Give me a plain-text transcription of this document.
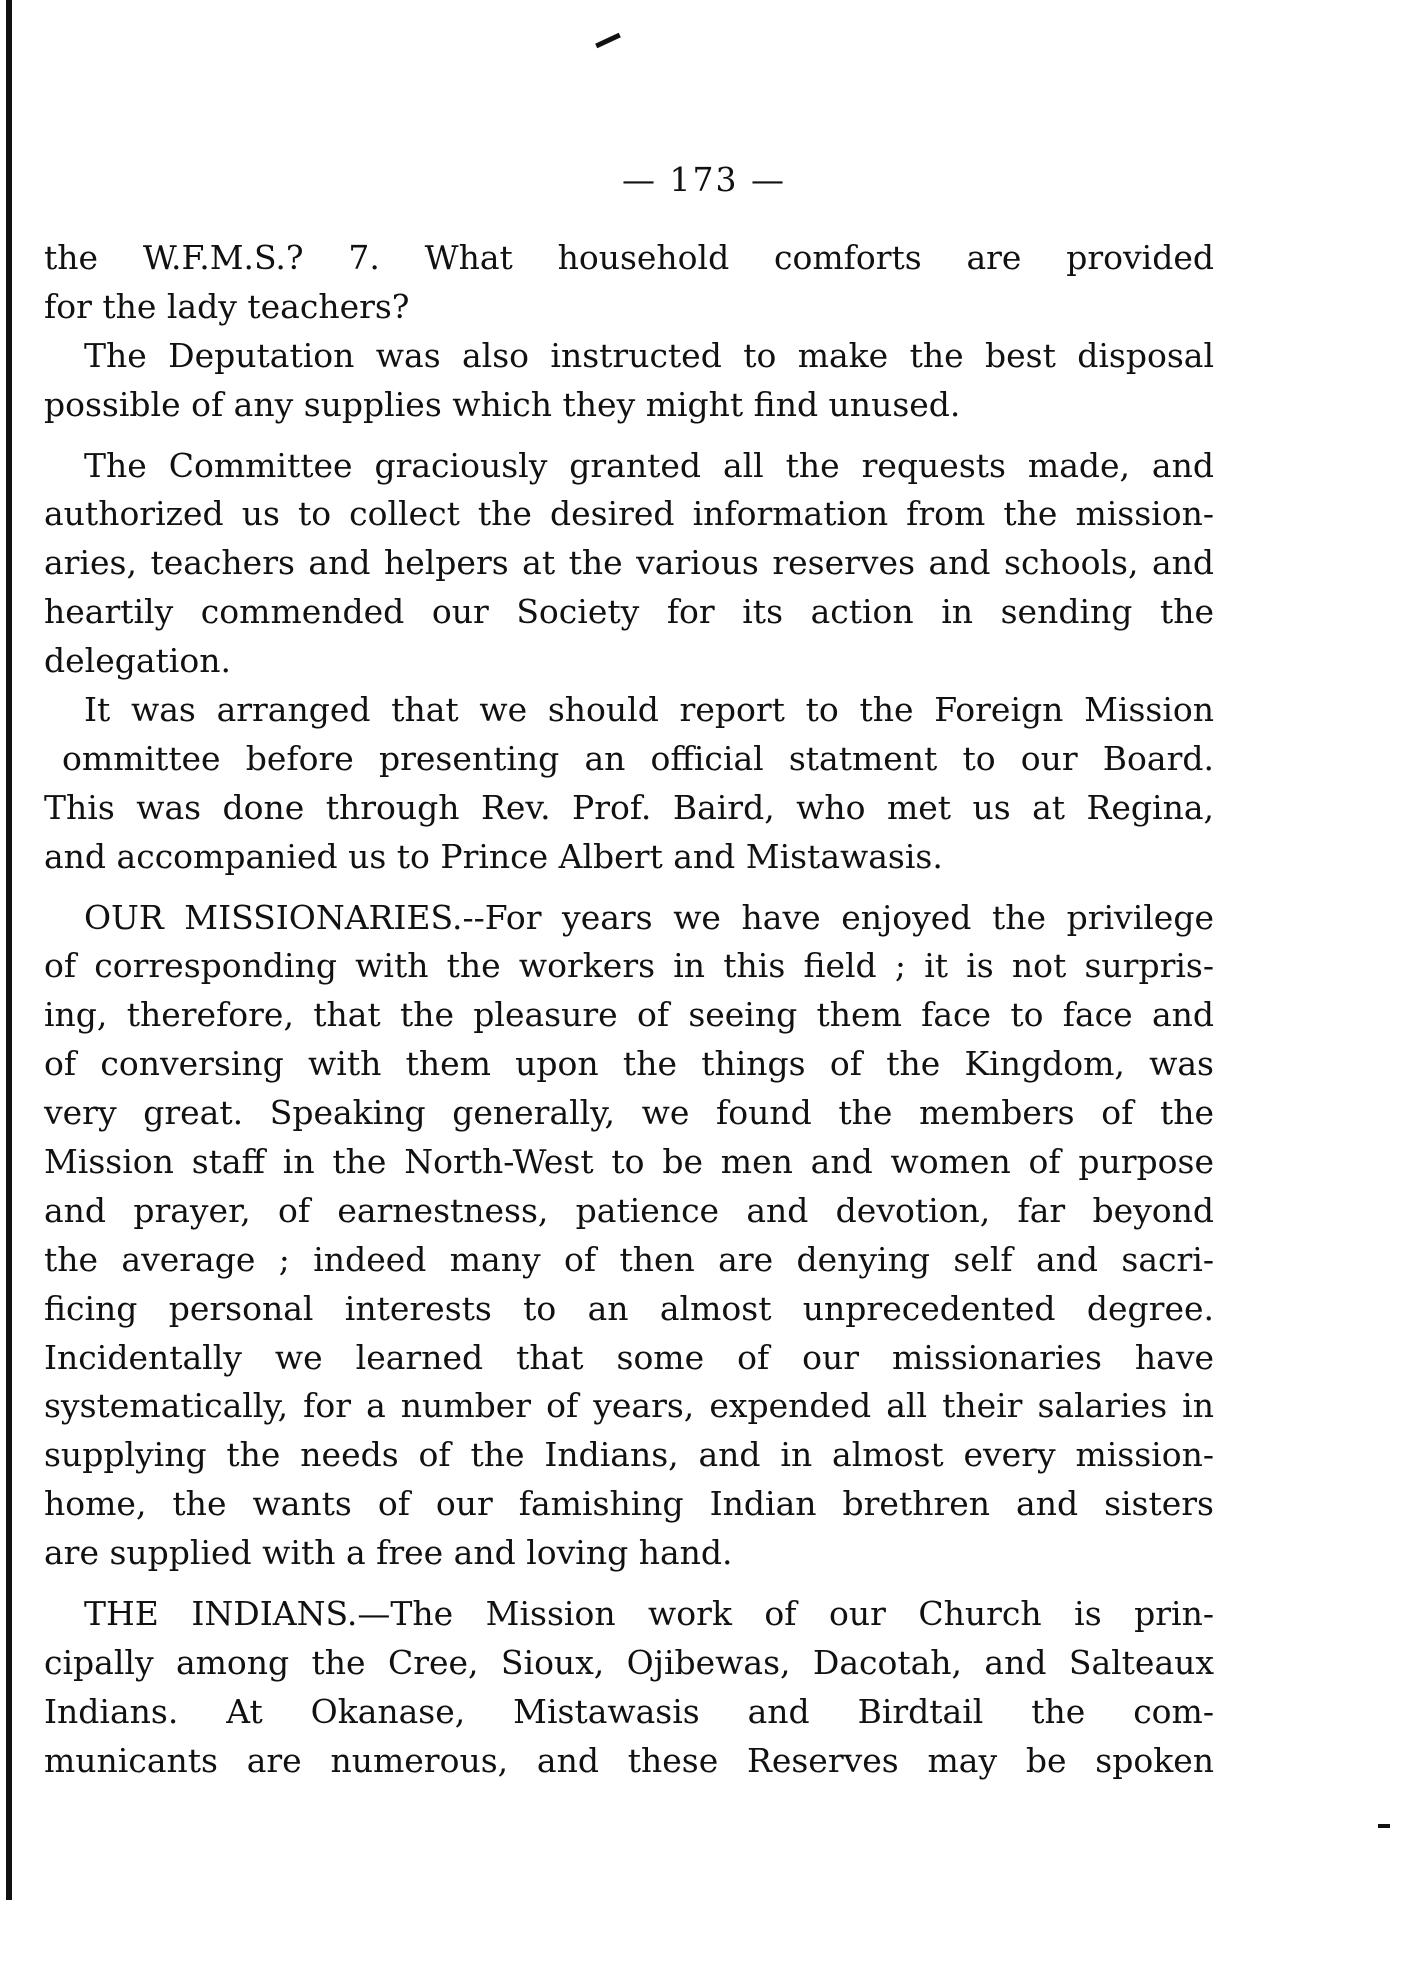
— 173 —
the W.F.M.S.? 7. What household comforts are provided
for the lady teachers?
The Deputation was also instructed to make the best disposal
possible of any supplies which they might find unused.
The Committee graciously granted all the requests made, and
authorized us to collect the desired information from the mission-
aries, teachers and helpers at the various reserves and schools, and
heartily commended our Society for its action in sending the
delegation.
It was arranged that we should report to the Foreign Mission
ommittee before presenting an official statment to our Board.
This was done through Rev. Prof. Baird, who met us at Regina,
and accompanied us to Prince Albert and Mistawasis.
OUR MISSIONARIES.--For years we have enjoyed the privilege
of corresponding with the workers in this field ; it is not surpris-
ing, therefore, that the pleasure of seeing them face to face and
of conversing with them upon the things of the Kingdom, was
very great. Speaking generally, we found the members of the
Mission staff in the North-West to be men and women of purpose
and prayer, of earnestness, patience and devotion, far beyond
the average ; indeed many of then are denying self and sacri-
ficing personal interests to an almost unprecedented degree.
Incidentally we learned that some of our missionaries have
systematically, for a number of years, expended all their salaries in
supplying the needs of the Indians, and in almost every mission-
home, the wants of our famishing Indian brethren and sisters
are supplied with a free and loving hand.
THE INDIANS.—The Mission work of our Church is prin-
cipally among the Cree, Sioux, Ojibewas, Dacotah, and Salteaux
Indians. At Okanase, Mistawasis and Birdtail the com-
municants are numerous, and these Reserves may be spoken
